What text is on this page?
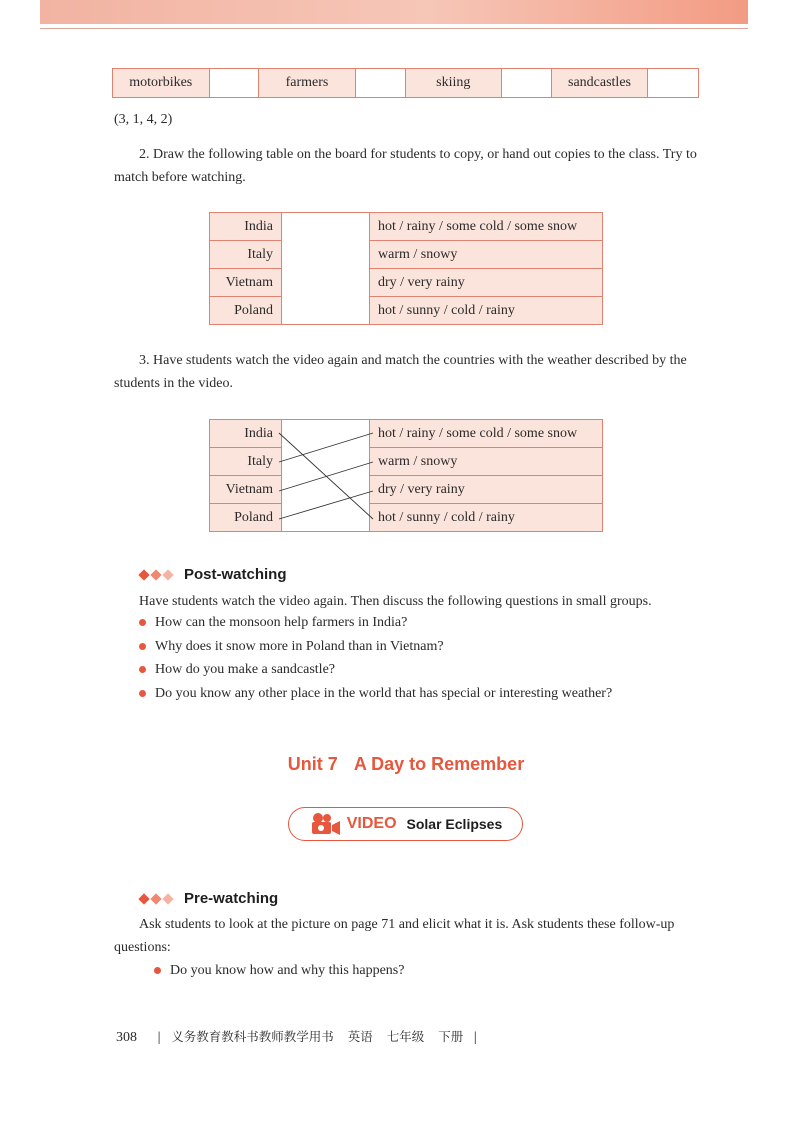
motorbikes	farmers	skiing	sandcastles
(3, 1, 4, 2)
2. Draw the following table on the board for students to copy, or hand out copies to the class. Try to
match before watching.
India		hot / rainy / some cold / some snow
Italy		warm / snowy
Vietnam		dry / very rainy
Poland		hot / sunny / cold / rainy
3. Have students watch the video again and match the countries with the weather described by the
students in the video.
India		hot / rainy / some cold / some snow
Italy		warm / snowy
Vietnam		dry / very rainy
Poland		hot / sunny / cold / rainy
Post-watching
Have students watch the video again. Then discuss the following questions in small groups.
How can the monsoon help farmers in India?
Why does it snow more in Poland than in Vietnam?
How do you make a sandcastle?
Do you know any other place in the world that has special or interesting weather?
Unit 7 A Day to Remember
VIDEO Solar Eclipses
Pre-watching
Ask students to look at the picture on page 71 and elicit what it is. Ask students these follow-up
questions:
Do you know how and why this happens?
308 | 义务教育教科书教师教学用书 英语 七年级 下册 |
